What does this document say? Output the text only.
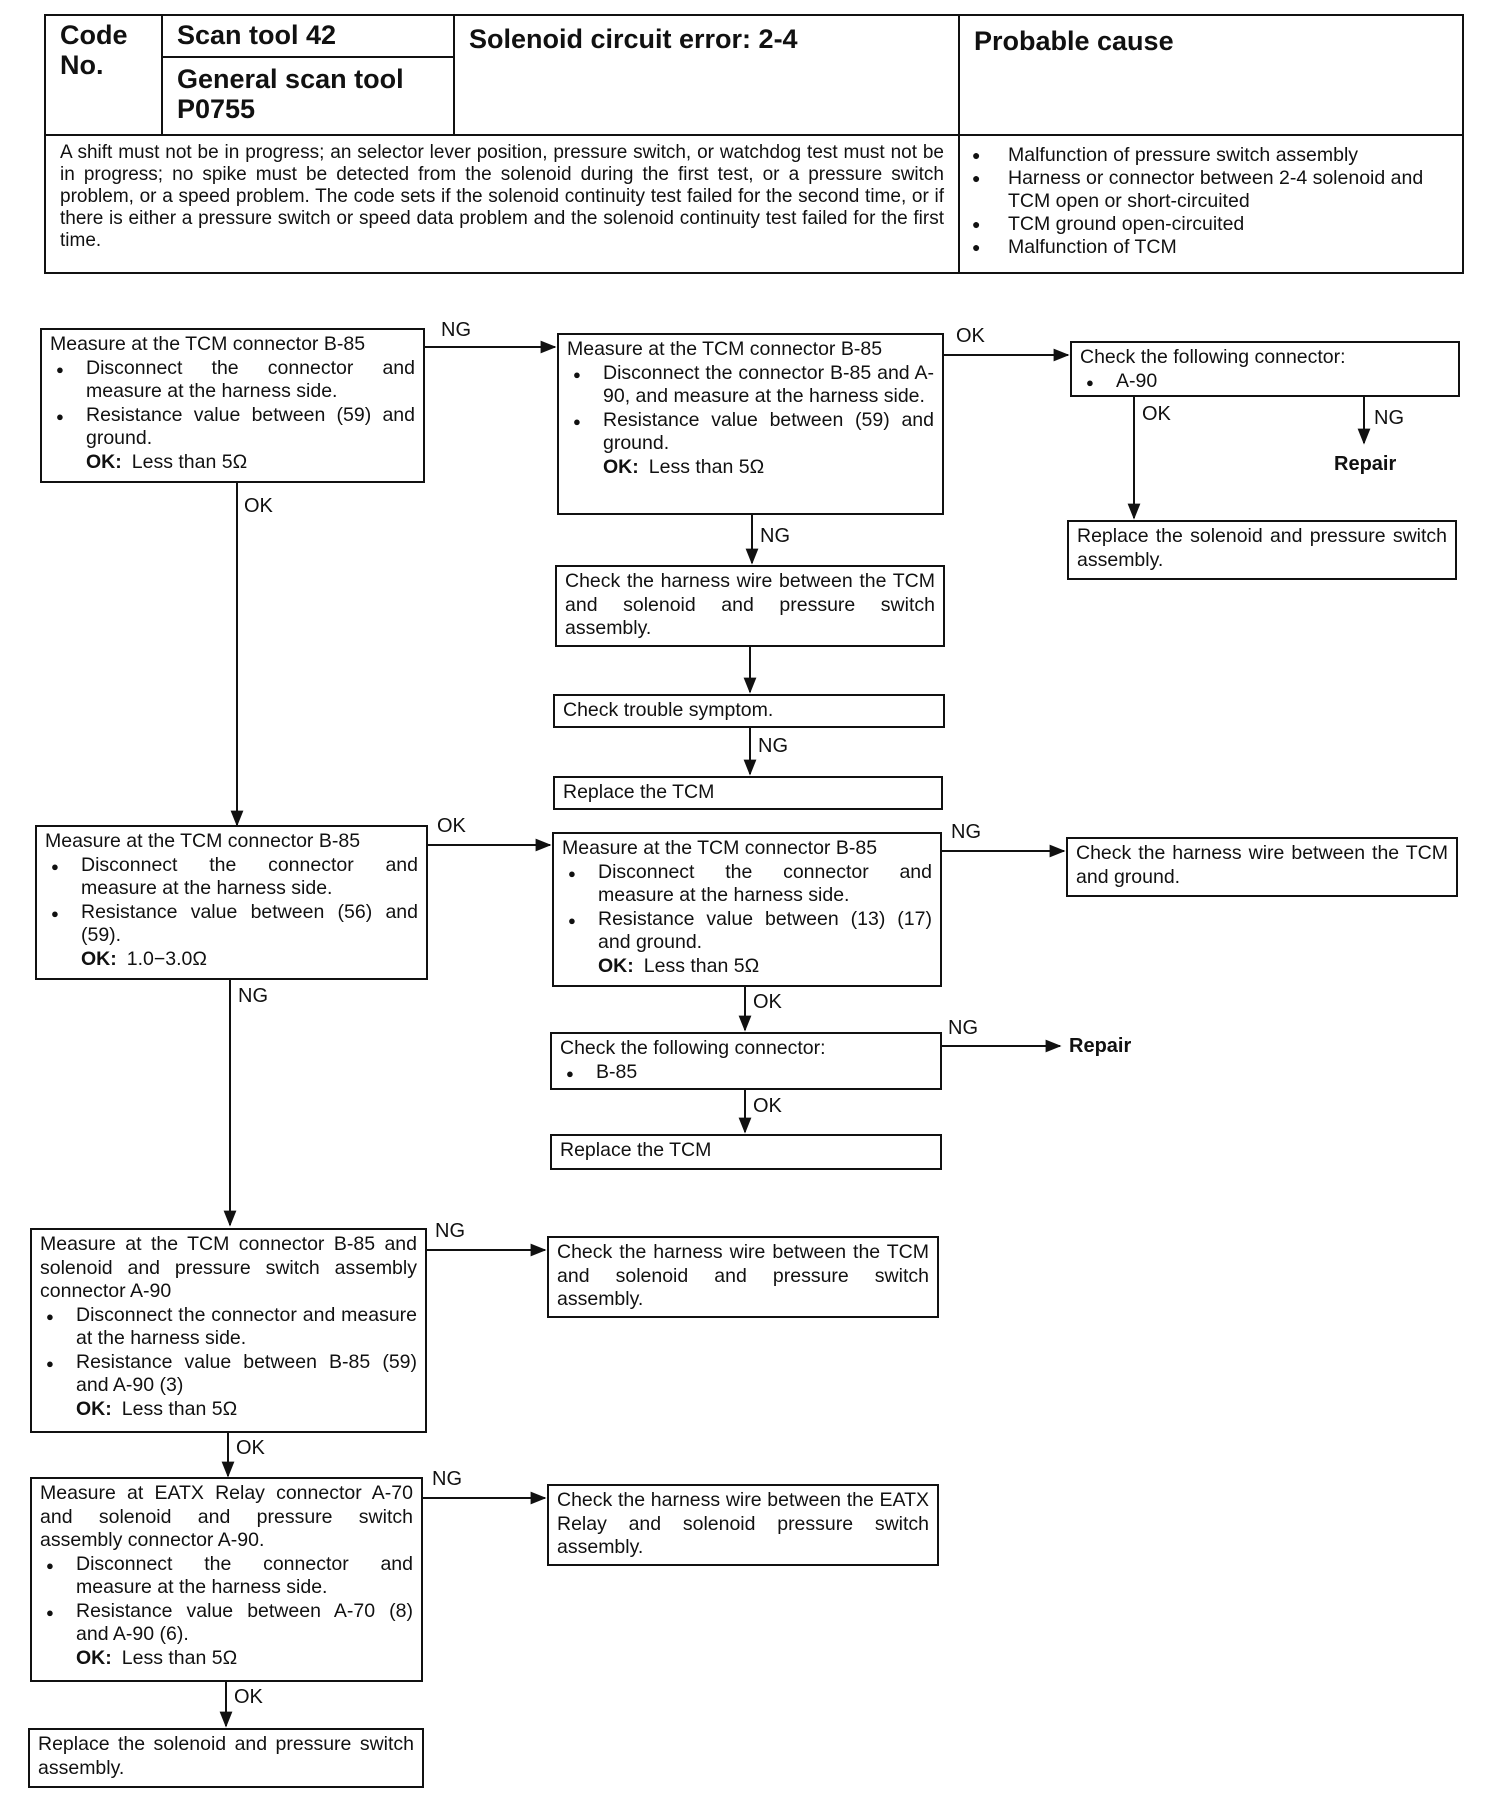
Code No.
Scan tool 42
General scan tool P0755
Solenoid circuit error: 2-4	Probable cause
A shift must not be in progress; an selector lever position, pressure switch, or watchdog test must not be in progress; no spike must be detected from the solenoid during the first test, or a pressure switch problem, or a speed problem. The code sets if the solenoid continuity test failed for the second time, or if there is either a pressure switch or speed data problem and the solenoid continuity test failed for the first time.
● Malfunction of pressure switch assembly
● Harness or connector between 2-4 solenoid and TCM open or short-circuited
● TCM ground open-circuited
● Malfunction of TCM
NG
OK
OK
NG
OK	NG
Repair
NG
OK
NG
NG
OK
NG
Repair
OK
NG
OK
NG
OK
Measure at the TCM connector B-85
● Disconnect the connector and measure at the harness side.
● Resistance value between (59) and ground.
OK: Less than 5Ω
Measure at the TCM connector B-85
● Disconnect the connector B-85 and A-90, and measure at the harness side.
● Resistance value between (59) and ground.
OK: Less than 5Ω
Check the following connector:
● A-90
Replace the solenoid and pressure switch assembly.
Check the harness wire between the TCM and solenoid and pressure switch assembly.
Check trouble symptom.
Replace the TCM
Measure at the TCM connector B-85
● Disconnect the connector and measure at the harness side.
● Resistance value between (56) and (59).
OK: 1.0−3.0Ω
Measure at the TCM connector B-85
● Disconnect the connector and measure at the harness side.
● Resistance value between (13) (17) and ground.
OK: Less than 5Ω
Check the harness wire between the TCM and ground.
Check the following connector:
● B-85
Replace the TCM
Measure at the TCM connector B-85 and solenoid and pressure switch assembly connector A-90
● Disconnect the connector and measure at the harness side.
● Resistance value between B-85 (59) and A-90 (3)
OK: Less than 5Ω
Check the harness wire between the TCM and solenoid and pressure switch assembly.
Measure at EATX Relay connector A-70 and solenoid and pressure switch assembly connector A-90.
● Disconnect the connector and measure at the harness side.
● Resistance value between A-70 (8) and A-90 (6).
OK: Less than 5Ω
Check the harness wire between the EATX Relay and solenoid pressure switch assembly.
Replace the solenoid and pressure switch assembly.
